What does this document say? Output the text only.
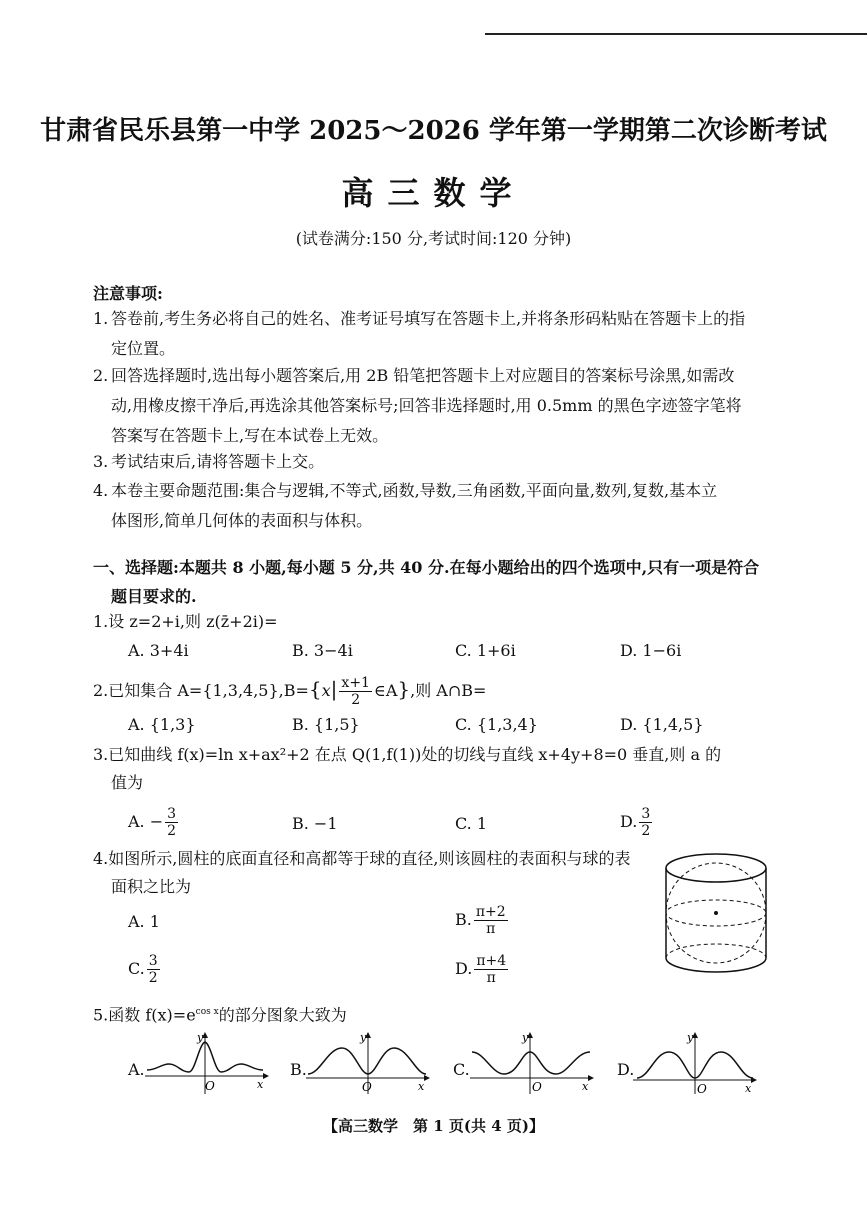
甘肃省民乐县第一中学 2025～2026 学年第一学期第二次诊断考试
高三数学
(试卷满分:150 分,考试时间:120 分钟)
注意事项:
1. 答卷前,考生务必将自己的姓名、准考证号填写在答题卡上,并将条形码粘贴在答题卡上的指
定位置。
2. 回答选择题时,选出每小题答案后,用 2B 铅笔把答题卡上对应题目的答案标号涂黑,如需改
动,用橡皮擦干净后,再选涂其他答案标号;回答非选择题时,用 0.5mm 的黑色字迹签字笔将
答案写在答题卡上,写在本试卷上无效。
3. 考试结束后,请将答题卡上交。
4. 本卷主要命题范围:集合与逻辑,不等式,函数,导数,三角函数,平面向量,数列,复数,基本立
体图形,简单几何体的表面积与体积。
一、选择题:本题共 8 小题,每小题 5 分,共 40 分.在每小题给出的四个选项中,只有一项是符合
题目要求的.
1.设 z=2+i,则 z(z̄+2i)=
A. 3+4i	B. 3−4i	C. 1+6i	D. 1−6i
2.已知集合 $A=\{1,3,4,5\},B=\{x| \frac{x+1}{2}$ ∈A},则 A∩B=
A. {1,3}	B. {1,5}	C. {1,3,4}	D. {1,4,5}
3.已知曲线 f(x)=ln x+ax²+2 在点 Q(1,f(1))处的切线与直线 x+4y+8=0 垂直,则 a 的
值为
A. − $\frac{3}{2}$	B. −1	C. 1	D. $\frac{3}{2}$
4.如图所示,圆柱的底面直径和高都等于球的直径,则该圆柱的表面积与球的表
面积之比为
A. 1	B. $\frac{\pi+2}{\pi}$
C. $\frac{3}{2}$	D. $\frac{\pi+4}{\pi}$
5.函数 $f(x)=e^{cos x}$的部分图象大致为
A.
y
O	x
B.
y
O	x
C.
y
O	x
D.
y
O	x
【高三数学　第 1 页(共 4 页)】
